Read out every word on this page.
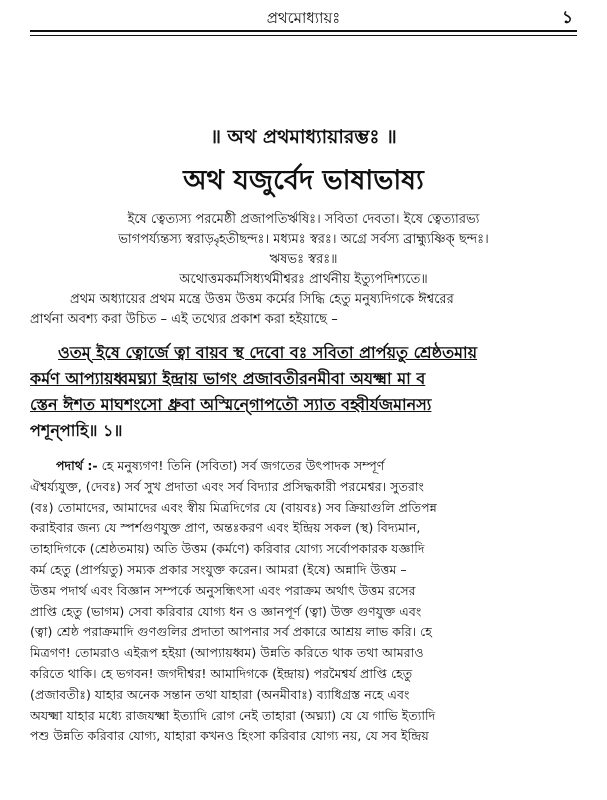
প্রথমোধ্যায়ঃ	১
॥ অথ প্রথমাধ্যায়ারম্ভঃ ॥
অথ যজুর্বেদ ভাষাভাষ্য
ইষে ত্বেত্যস্য পরমেষ্ঠী প্রজাপতির্ঋষিঃ। সবিতা দেবতা। ইষে ত্বেত্যারভ্য
ভাগপর্য্যন্তস্য স্বরাড়্বৃহতীছন্দঃ। মধ্যমঃ স্বরঃ। অগ্রে সর্বস্য ব্রাহ্ম্যুষ্ণিক্ ছন্দঃ।
ঋষভঃ স্বরঃ॥
অথোত্তমকর্মসিধ্যর্থমীশ্বরঃ প্রার্থনীয় ইত্যুপদিশ্যতে॥
প্রথম অধ্যায়ের প্রথম মন্ত্রে উত্তম উত্তম কর্মের সিদ্ধি হেতু মনুষ্যদিগকে ঈশ্বরের
প্রার্থনা অবশ্য করা উচিত – এই তথ্যের প্রকাশ করা হইয়াছে –
ওতম্ ইষে ত্বোর্জে ত্বা বায়ব স্থ দেবো বঃ সবিতা প্রার্পয়তু শ্রেষ্ঠতমায়
কর্মণ আপ্যায়ধ্বমঘ্ন্যা ইন্দ্রায় ভাগং প্রজাবতীরনমীবা অযক্ষ্মা মা ব
স্তেন ঈশত মাঘশংসো ধ্রুবা অস্মিন্গোপতৌ স্যাত বহ্বীর্যজমানস্য
পশূন্পাহি॥ ১॥
পদার্থ :- হে মনুষ্যগণ! তিনি (সবিতা) সর্ব জগতের উৎপাদক সম্পূর্ণ
ঐশ্বর্য্যযুক্ত, (দেবঃ) সর্ব সুখ প্রদাতা এবং সর্ব বিদ্যার প্রসিদ্ধকারী পরমেশ্বর। সুতরাং
(বঃ) তোমাদের, আমাদের এবং স্বীয় মিত্রদিগের যে (বায়বঃ) সব ক্রিয়াগুলি প্রতিপন্ন
করাইবার জন্য যে স্পর্শগুণযুক্ত প্রাণ, অন্তঃকরণ এবং ইন্দ্রিয় সকল (স্থ) বিদ্যমান,
তাহাদিগকে (শ্রেষ্ঠতমায়) অতি উত্তম (কর্মণে) করিবার যোগ্য সর্বোপকারক যজ্ঞাদি
কর্ম হেতু (প্রার্পয়তু) সম্যক প্রকার সংযুক্ত করেন। আমরা (ইষে) অন্নাদি উত্তম –
উত্তম পদার্থ এবং বিজ্ঞান সম্পর্কে অনুসন্ধিৎসা এবং পরাক্রম অর্থাৎ উত্তম রসের
প্রাপ্তি হেতু (ভাগম) সেবা করিবার যোগ্য ধন ও জ্ঞানপূর্ণ (ত্বা) উক্ত গুণযুক্ত এবং
(ত্বা) শ্রেষ্ঠ পরাক্রমাদি গুণগুলির প্রদাতা আপনার সর্ব প্রকারে আশ্রয় লাভ করি। হে
মিত্রগণ! তোমরাও এইরূপ হইয়া (আপ্যায়ধ্বম) উন্নতি করিতে থাক তথা আমরাও
করিতে থাকি। হে ভগবন! জগদীশ্বর! আমাদিগকে (ইন্দ্রায়) পরমৈশ্বর্য প্রাপ্তি হেতু
(প্রজাবতীঃ) যাহার অনেক সন্তান তথা যাহারা (অনমীবাঃ) ব্যাধিগ্রস্ত নহে এবং
অযক্ষ্মা যাহার মধ্যে রাজযক্ষ্মা ইত্যাদি রোগ নেই তাহারা (অঘ্ন্যা) যে যে গাভি ইত্যাদি
পশু উন্নতি করিবার যোগ্য, যাহারা কখনও হিংসা করিবার যোগ্য নয়, যে সব ইন্দ্রিয়
